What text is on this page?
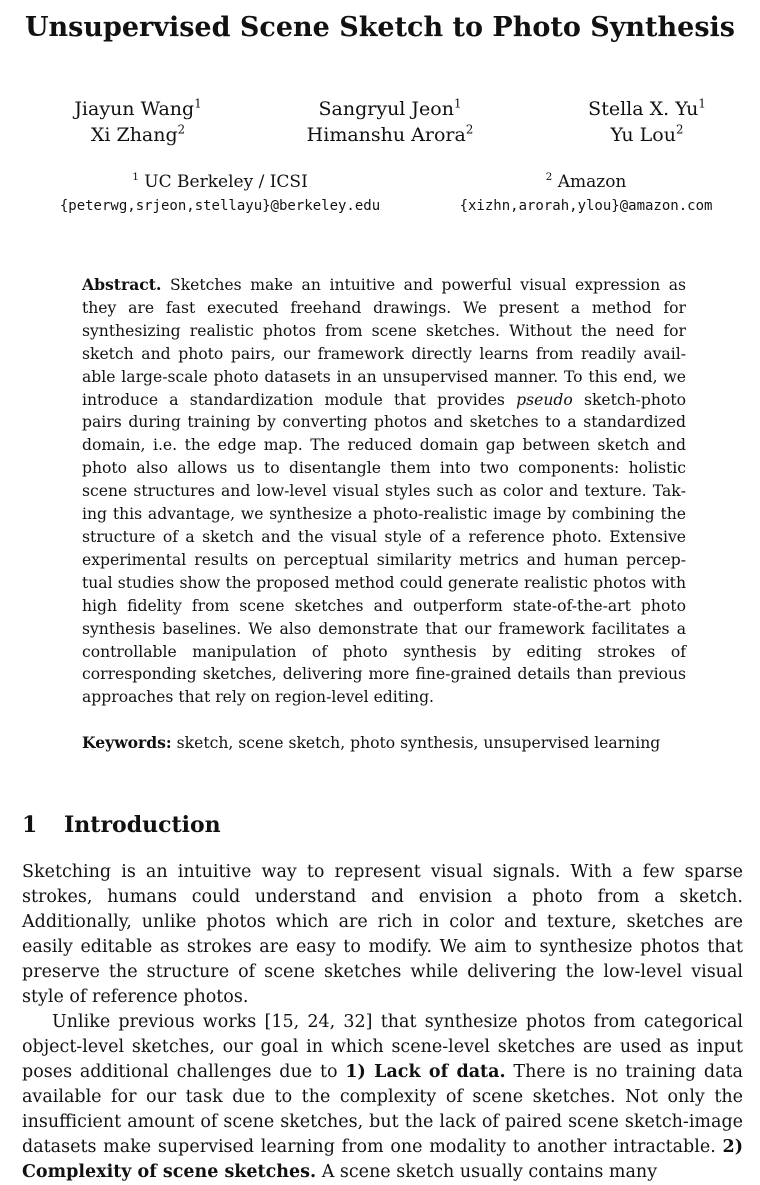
Unsupervised Scene Sketch to Photo Synthesis
Jiayun Wang$^1$
Xi Zhang$^2$
Sangryul Jeon$^1$
Himanshu Arora$^2$
Stella X. Yu$^1$
Yu Lou$^2$
$^1$ UC Berkeley / ICSI
{peterwg,srjeon,stellayu}@berkeley.edu
$^2$ Amazon
{xizhn,arorah,ylou}@amazon.com
Abstract. Sketches make an intuitive and powerful visual expression as they are fast executed freehand drawings. We present a method for synthesizing realistic photos from scene sketches. Without the need for sketch and photo pairs, our framework directly learns from readily available large-scale photo datasets in an unsupervised manner. To this end, we introduce a standardization module that provides pseudo sketch-photo pairs during training by converting photos and sketches to a standardized domain, i.e. the edge map. The reduced domain gap between sketch and photo also allows us to disentangle them into two components: holistic scene structures and low-level visual styles such as color and texture. Taking this advantage, we synthesize a photo-realistic image by combining the structure of a sketch and the visual style of a reference photo. Extensive experimental results on perceptual similarity metrics and human perceptual studies show the proposed method could generate realistic photos with high fidelity from scene sketches and outperform state-of-the-art photo synthesis baselines. We also demonstrate that our framework facilitates a controllable manipulation of photo synthesis by editing strokes of corresponding sketches, delivering more fine-grained details than previous approaches that rely on region-level editing.
Keywords: sketch, scene sketch, photo synthesis, unsupervised learning
1 Introduction

Sketching is an intuitive way to represent visual signals. With a few sparse strokes, humans could understand and envision a photo from a sketch. Additionally, unlike photos which are rich in color and texture, sketches are easily editable as strokes are easy to modify. We aim to synthesize photos that preserve the structure of scene sketches while delivering the low-level visual style of reference photos.

Unlike previous works [15, 24, 32] that synthesize photos from categorical object-level sketches, our goal in which scene-level sketches are used as input poses additional challenges due to 1) Lack of data. There is no training data available for our task due to the complexity of scene sketches. Not only the insufficient amount of scene sketches, but the lack of paired scene sketch-image datasets make supervised learning from one modality to another intractable. 2) Complexity of scene sketches. A scene sketch usually contains many
